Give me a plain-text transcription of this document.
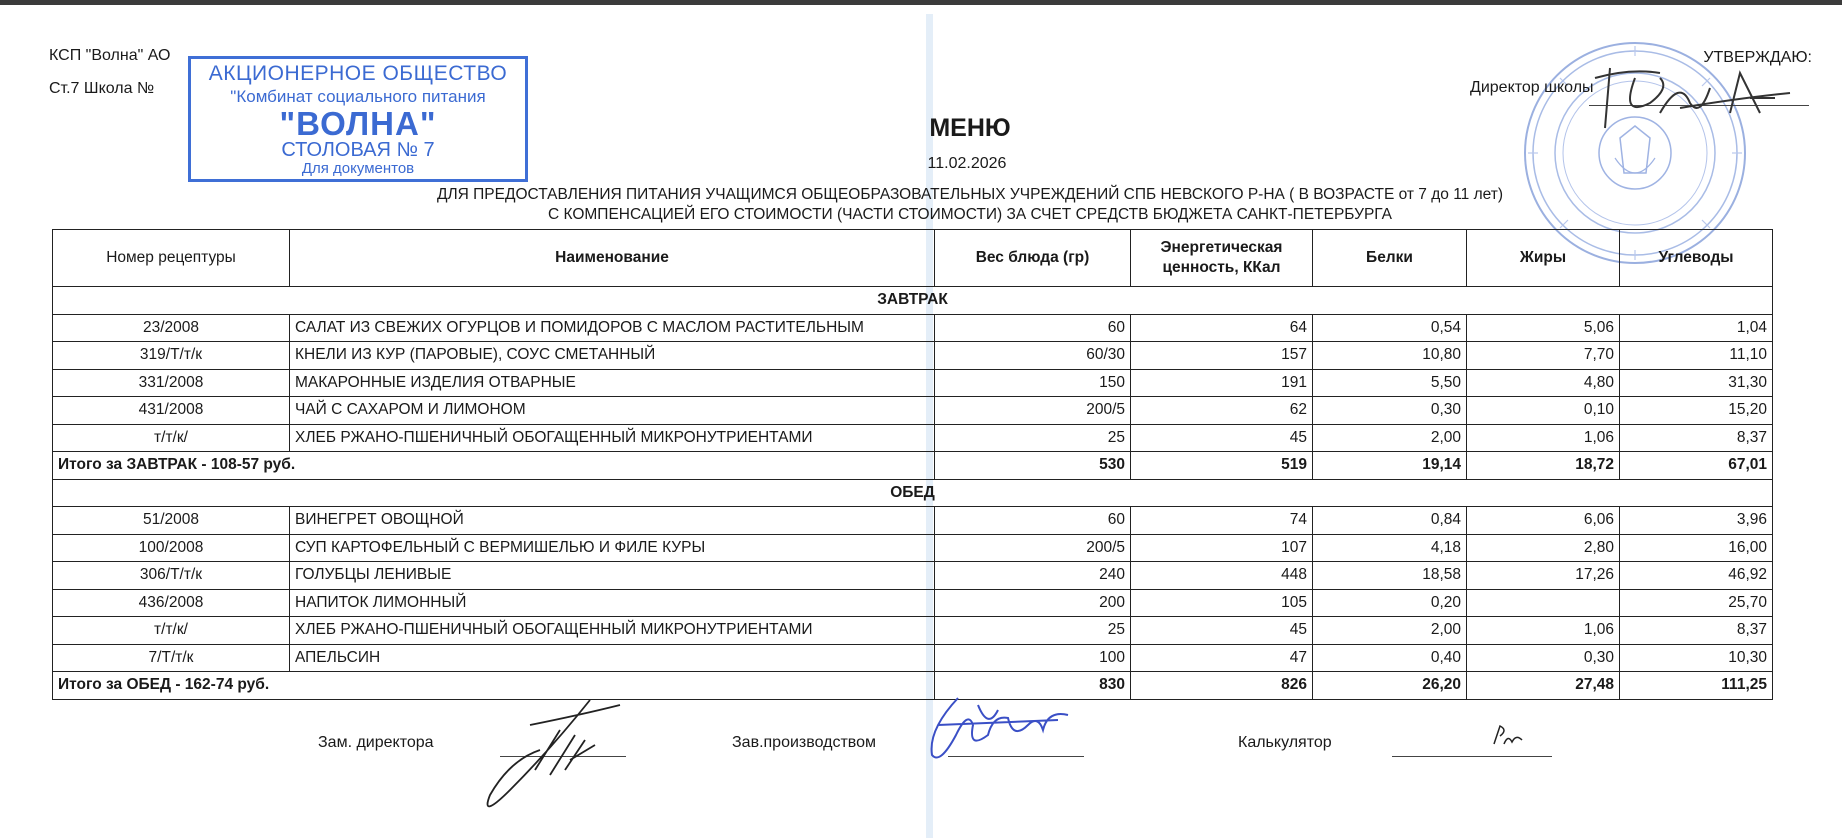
КСП "Волна" АО
Ст.7 Школа №
АКЦИОНЕРНОЕ ОБЩЕСТВО
"Комбинат социального питания
"ВОЛНА"
СТОЛОВАЯ № 7
Для документов
УТВЕРЖДАЮ:
Директор школы
МЕНЮ
11.02.2026
ДЛЯ ПРЕДОСТАВЛЕНИЯ ПИТАНИЯ УЧАЩИМСЯ ОБЩЕОБРАЗОВАТЕЛЬНЫХ УЧРЕЖДЕНИЙ СПБ НЕВСКОГО Р-НА ( В ВОЗРАСТЕ от 7 до 11 лет)
С КОМПЕНСАЦИЕЙ ЕГО СТОИМОСТИ (ЧАСТИ СТОИМОСТИ) ЗА СЧЕТ СРЕДСТВ БЮДЖЕТА САНКТ-ПЕТЕРБУРГА
Номер рецептуры	Наименование	Вес блюда (гр)	Энергетическая ценность, ККал	Белки	Жиры	Углеводы
ЗАВТРАК						
23/2008	САЛАТ ИЗ СВЕЖИХ ОГУРЦОВ И ПОМИДОРОВ С МАСЛОМ РАСТИТЕЛЬНЫМ	60	64	0,54	5,06	1,04
319/Т/т/к	КНЕЛИ ИЗ КУР (ПАРОВЫЕ), СОУС СМЕТАННЫЙ	60/30	157	10,80	7,70	11,10
331/2008	МАКАРОННЫЕ ИЗДЕЛИЯ ОТВАРНЫЕ	150	191	5,50	4,80	31,30
431/2008	ЧАЙ С САХАРОМ И ЛИМОНОМ	200/5	62	0,30	0,10	15,20
т/т/к/	ХЛЕБ РЖАНО-ПШЕНИЧНЫЙ ОБОГАЩЕННЫЙ МИКРОНУТРИЕНТАМИ	25	45	2,00	1,06	8,37
Итого за ЗАВТРАК - 108-57 руб.		530	519	19,14	18,72	67,01
ОБЕД						
51/2008	ВИНЕГРЕТ ОВОЩНОЙ	60	74	0,84	6,06	3,96
100/2008	СУП КАРТОФЕЛЬНЫЙ С ВЕРМИШЕЛЬЮ И ФИЛЕ КУРЫ	200/5	107	4,18	2,80	16,00
306/Т/т/к	ГОЛУБЦЫ ЛЕНИВЫЕ	240	448	18,58	17,26	46,92
436/2008	НАПИТОК ЛИМОННЫЙ	200	105	0,20		25,70
т/т/к/	ХЛЕБ РЖАНО-ПШЕНИЧНЫЙ ОБОГАЩЕННЫЙ МИКРОНУТРИЕНТАМИ	25	45	2,00	1,06	8,37
7/Т/т/к	АПЕЛЬСИН	100	47	0,40	0,30	10,30
Итого за ОБЕД - 162-74 руб.		830	826	26,20	27,48	111,25
Зам. директора	Зав.производством	Калькулятор
